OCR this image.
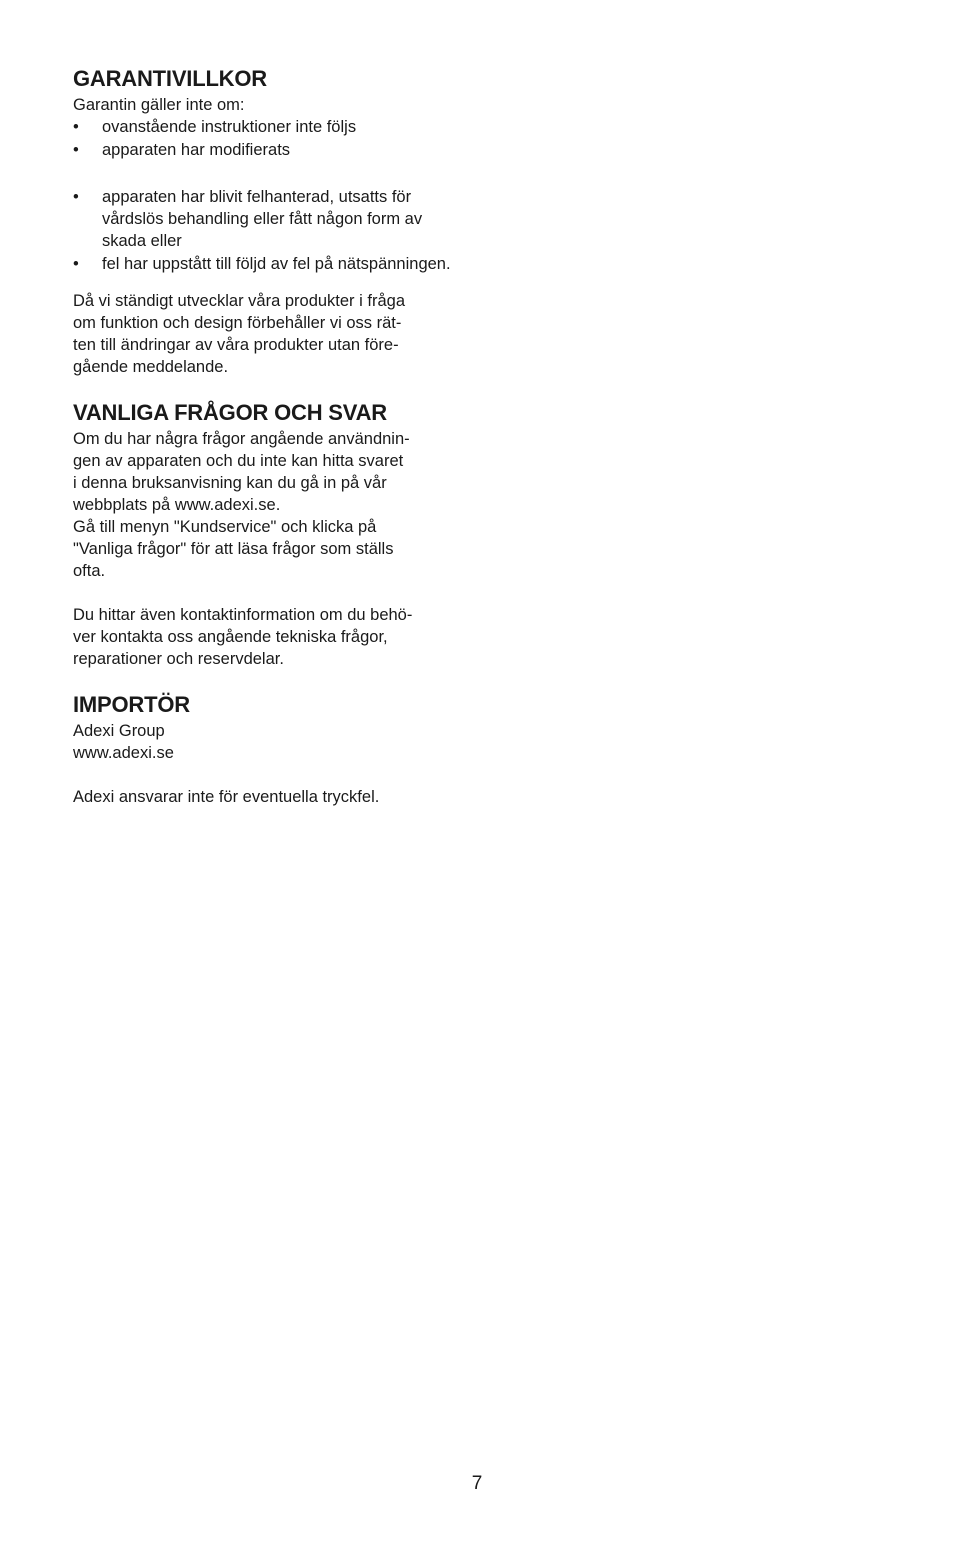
GARANTIVILLKOR

Garantin gäller inte om:

• ovanstående instruktioner inte följs
• apparaten har modifierats
• apparaten har blivit felhanterad, utsatts för vårdslös behandling eller fått någon form av skada eller
• fel har uppstått till följd av fel på nätspänningen.

Då vi ständigt utvecklar våra produkter i fråga
om funktion och design förbehåller vi oss rät-
ten till ändringar av våra produkter utan före-
gående meddelande.

VANLIGA FRÅGOR OCH SVAR

Om du har några frågor angående användnin-
gen av apparaten och du inte kan hitta svaret
i denna bruksanvisning kan du gå in på vår
webbplats på www.adexi.se.
Gå till menyn "Kundservice" och klicka på
"Vanliga frågor" för att läsa frågor som ställs
ofta.

Du hittar även kontaktinformation om du behö-
ver kontakta oss angående tekniska frågor,
reparationer och reservdelar.

IMPORTÖR

Adexi Group

www.adexi.se

Adexi ansvarar inte för eventuella tryckfel.

7
